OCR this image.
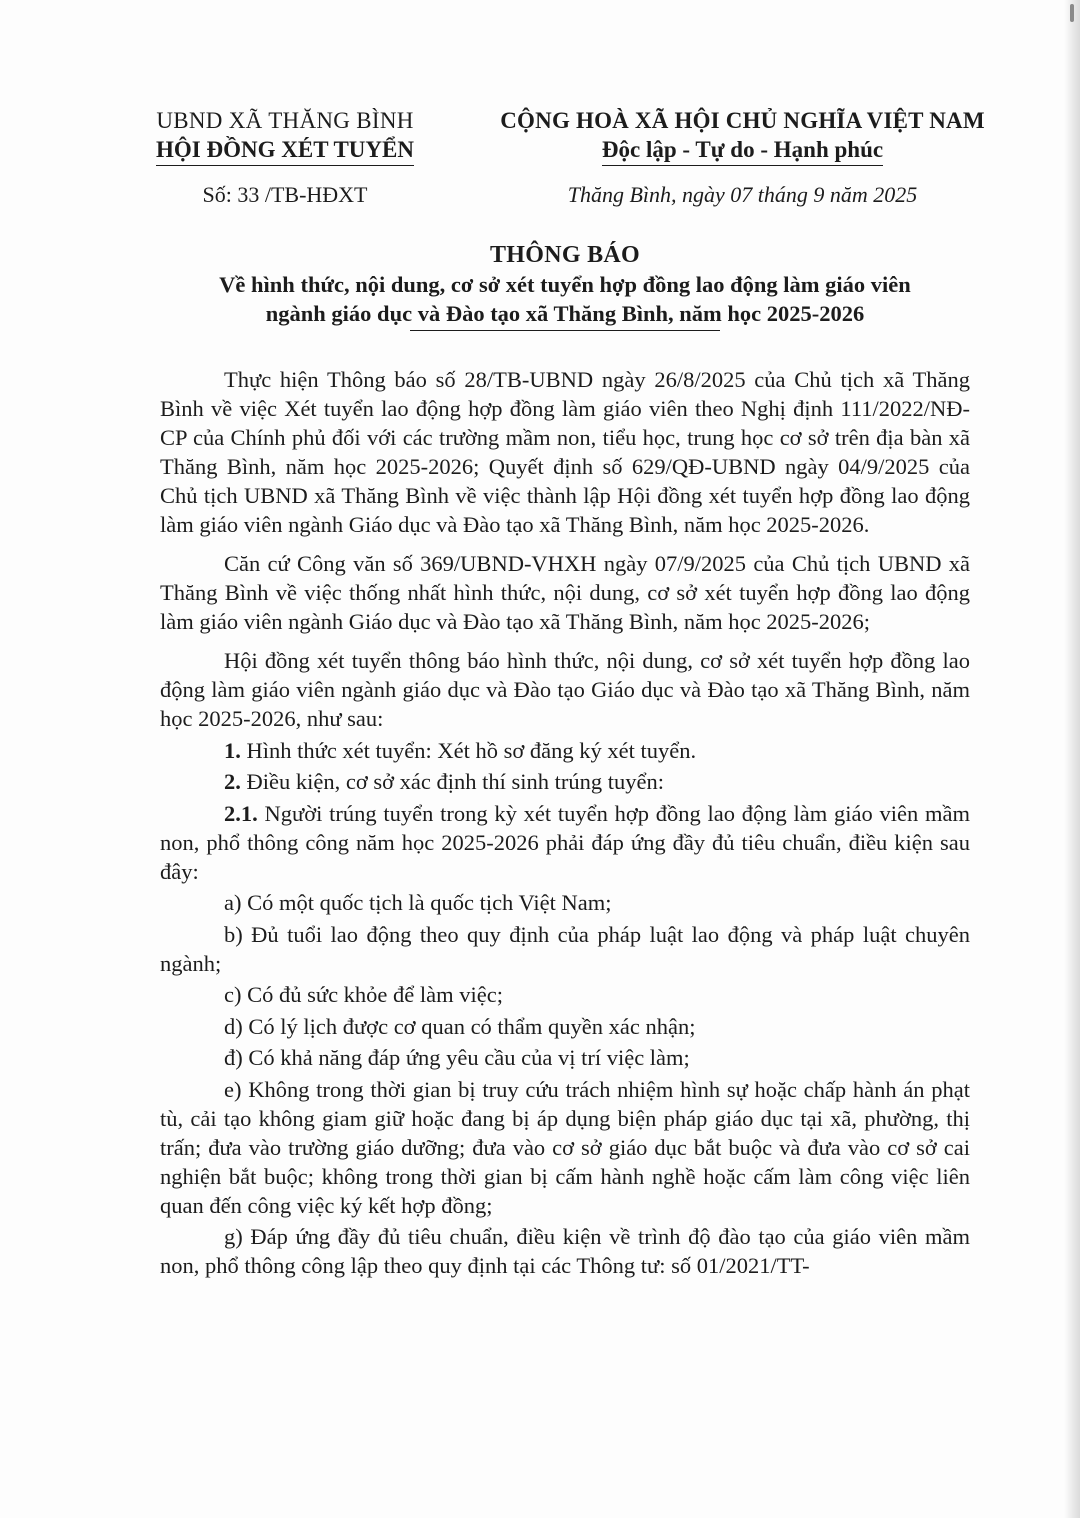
UBND XÃ THĂNG BÌNH
HỘI ĐỒNG XÉT TUYỂN
Số: 33 /TB-HĐXT
CỘNG HOÀ XÃ HỘI CHỦ NGHĨA VIỆT NAM
Độc lập - Tự do - Hạnh phúc
Thăng Bình, ngày 07 tháng 9 năm 2025
THÔNG BÁO
Về hình thức, nội dung, cơ sở xét tuyển hợp đồng lao động làm giáo viên
ngành giáo dục và Đào tạo xã Thăng Bình, năm học 2025-2026

Thực hiện Thông báo số 28/TB-UBND ngày 26/8/2025 của Chủ tịch xã Thăng Bình về việc Xét tuyển lao động hợp đồng làm giáo viên theo Nghị định 111/2022/NĐ-CP của Chính phủ đối với các trường mầm non, tiểu học, trung học cơ sở trên địa bàn xã Thăng Bình, năm học 2025-2026; Quyết định số 629/QĐ-UBND ngày 04/9/2025 của Chủ tịch UBND xã Thăng Bình về việc thành lập Hội đồng xét tuyển hợp đồng lao động làm giáo viên ngành Giáo dục và Đào tạo xã Thăng Bình, năm học 2025-2026.

Căn cứ Công văn số 369/UBND-VHXH ngày 07/9/2025 của Chủ tịch UBND xã Thăng Bình về việc thống nhất hình thức, nội dung, cơ sở xét tuyển hợp đồng lao động làm giáo viên ngành Giáo dục và Đào tạo xã Thăng Bình, năm học 2025-2026;

Hội đồng xét tuyển thông báo hình thức, nội dung, cơ sở xét tuyển hợp đồng lao động làm giáo viên ngành giáo dục và Đào tạo Giáo dục và Đào tạo xã Thăng Bình, năm học 2025-2026, như sau:

1. Hình thức xét tuyển: Xét hồ sơ đăng ký xét tuyển.

2. Điều kiện, cơ sở xác định thí sinh trúng tuyển:

2.1. Người trúng tuyển trong kỳ xét tuyển hợp đồng lao động làm giáo viên mầm non, phổ thông công năm học 2025-2026 phải đáp ứng đầy đủ tiêu chuẩn, điều kiện sau đây:

a) Có một quốc tịch là quốc tịch Việt Nam;

b) Đủ tuổi lao động theo quy định của pháp luật lao động và pháp luật chuyên ngành;

c) Có đủ sức khỏe để làm việc;

d) Có lý lịch được cơ quan có thẩm quyền xác nhận;

đ) Có khả năng đáp ứng yêu cầu của vị trí việc làm;

e) Không trong thời gian bị truy cứu trách nhiệm hình sự hoặc chấp hành án phạt tù, cải tạo không giam giữ hoặc đang bị áp dụng biện pháp giáo dục tại xã, phường, thị trấn; đưa vào trường giáo dưỡng; đưa vào cơ sở giáo dục bắt buộc và đưa vào cơ sở cai nghiện bắt buộc; không trong thời gian bị cấm hành nghề hoặc cấm làm công việc liên quan đến công việc ký kết hợp đồng;

g) Đáp ứng đầy đủ tiêu chuẩn, điều kiện về trình độ đào tạo của giáo viên mầm non, phổ thông công lập theo quy định tại các Thông tư: số 01/2021/TT-
